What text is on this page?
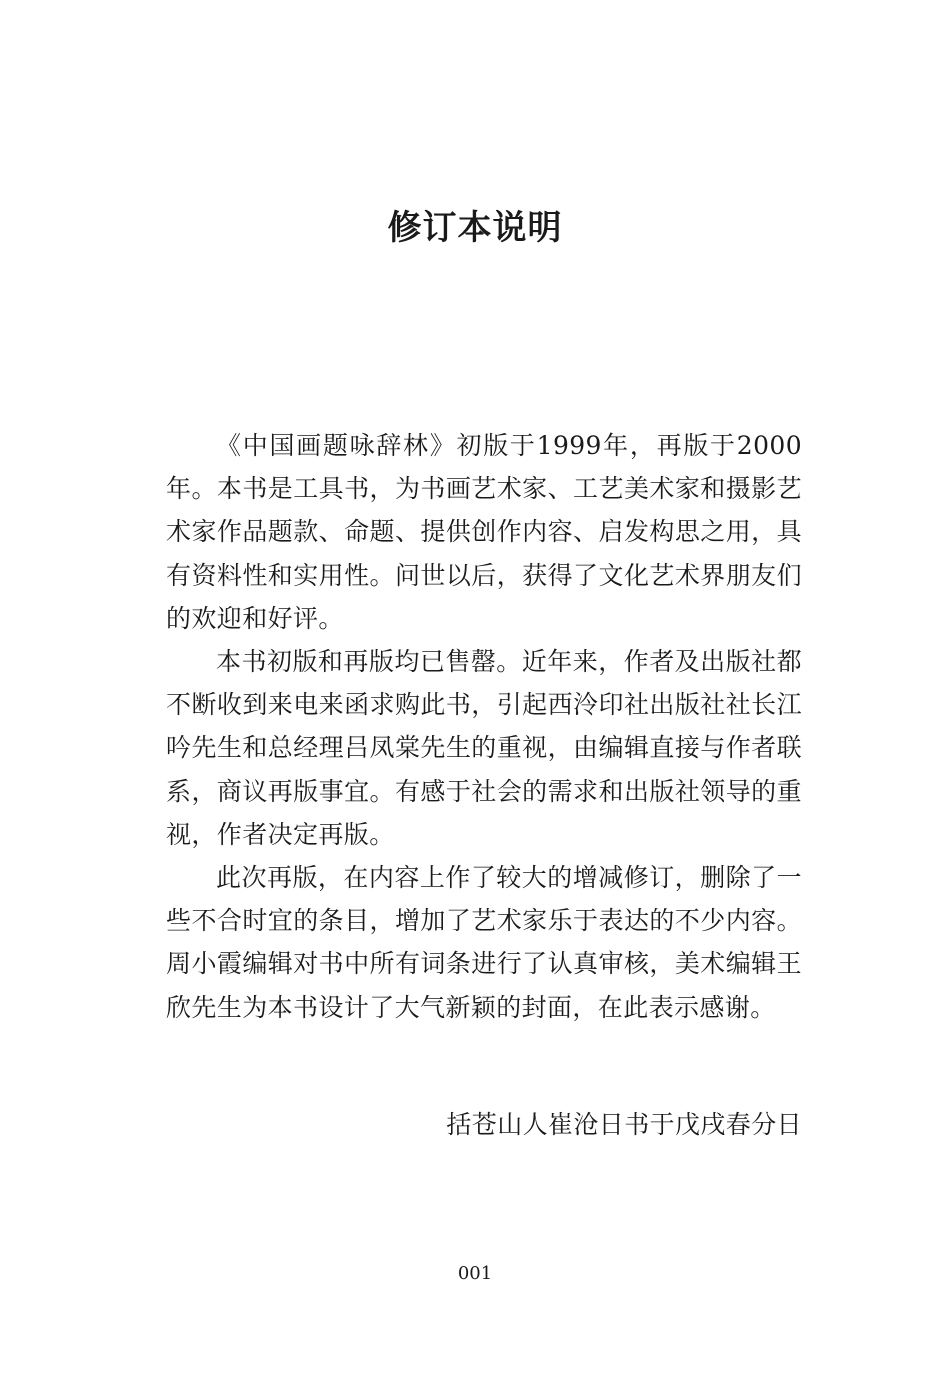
修订本说明

《中国画题咏辞林》初版于1999年，再版于2000年。本书是工具书，为书画艺术家、工艺美术家和摄影艺术家作品题款、命题、提供创作内容、启发构思之用，具有资料性和实用性。问世以后，获得了文化艺术界朋友们的欢迎和好评。

本书初版和再版均已售罄。近年来，作者及出版社都不断收到来电来函求购此书，引起西泠印社出版社社长江吟先生和总经理吕凤棠先生的重视，由编辑直接与作者联系，商议再版事宜。有感于社会的需求和出版社领导的重视，作者决定再版。

此次再版，在内容上作了较大的增减修订，删除了一些不合时宜的条目，增加了艺术家乐于表达的不少内容。周小霞编辑对书中所有词条进行了认真审核，美术编辑王欣先生为本书设计了大气新颖的封面，在此表示感谢。

括苍山人崔沧日书于戊戌春分日

001
